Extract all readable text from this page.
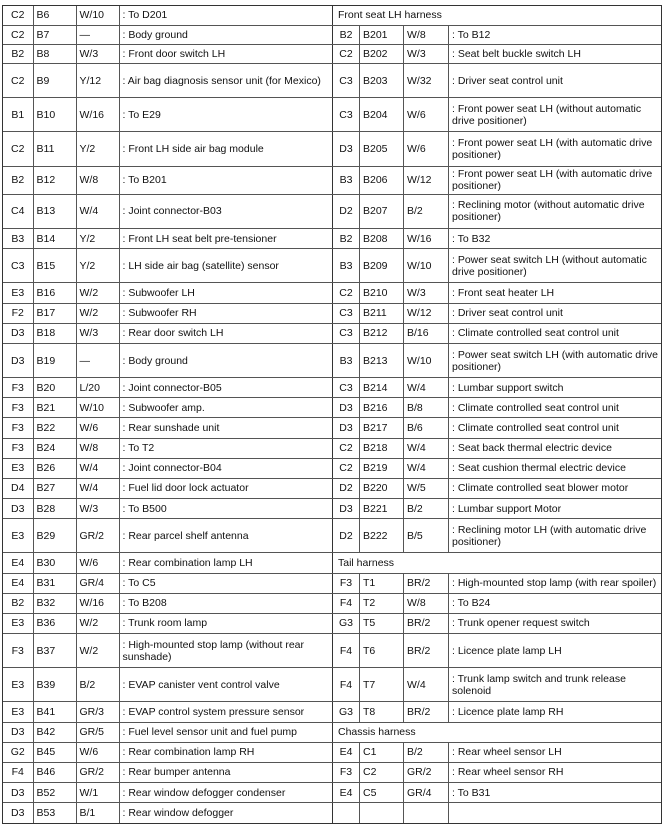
C2	B6	W/10	: To D201
C2	B7	—	: Body ground
B2	B8	W/3	: Front door switch LH
C2	B9	Y/12	: Air bag diagnosis sensor unit (for Mexico)
B1	B10	W/16	: To E29
C2	B11	Y/2	: Front LH side air bag module
B2	B12	W/8	: To B201
C4	B13	W/4	: Joint connector-B03
B3	B14	Y/2	: Front LH seat belt pre-tensioner
C3	B15	Y/2	: LH side air bag (satellite) sensor
E3	B16	W/2	: Subwoofer LH
F2	B17	W/2	: Subwoofer RH
D3	B18	W/3	: Rear door switch LH
D3	B19	—	: Body ground
F3	B20	L/20	: Joint connector-B05
F3	B21	W/10	: Subwoofer amp.
F3	B22	W/6	: Rear sunshade unit
F3	B24	W/8	: To T2
E3	B26	W/4	: Joint connector-B04
D4	B27	W/4	: Fuel lid door lock actuator
D3	B28	W/3	: To B500
E3	B29	GR/2	: Rear parcel shelf antenna
E4	B30	W/6	: Rear combination lamp LH
E4	B31	GR/4	: To C5
B2	B32	W/16	: To B208
E3	B36	W/2	: Trunk room lamp
F3	B37	W/2	: High-mounted stop lamp (without rear sunshade)
E3	B39	B/2	: EVAP canister vent control valve
E3	B41	GR/3	: EVAP control system pressure sensor
D3	B42	GR/5	: Fuel level sensor unit and fuel pump
G2	B45	W/6	: Rear combination lamp RH
F4	B46	GR/2	: Rear bumper antenna
D3	B52	W/1	: Rear window defogger condenser
D3	B53	B/1	: Rear window defogger
Front seat LH harness			
B2	B201	W/8	: To B12
C2	B202	W/3	: Seat belt buckle switch LH
C3	B203	W/32	: Driver seat control unit
C3	B204	W/6	: Front power seat LH (without automatic drive positioner)
D3	B205	W/6	: Front power seat LH (with automatic drive positioner)
B3	B206	W/12	: Front power seat LH (with automatic drive positioner)
D2	B207	B/2	: Reclining motor (without automatic drive positioner)
B2	B208	W/16	: To B32
B3	B209	W/10	: Power seat switch LH (without automatic drive positioner)
C2	B210	W/3	: Front seat heater LH
C3	B211	W/12	: Driver seat control unit
C3	B212	B/16	: Climate controlled seat control unit
B3	B213	W/10	: Power seat switch LH (with automatic drive positioner)
C3	B214	W/4	: Lumbar support switch
D3	B216	B/8	: Climate controlled seat control unit
D3	B217	B/6	: Climate controlled seat control unit
C2	B218	W/4	: Seat back thermal electric device
C2	B219	W/4	: Seat cushion thermal electric device
D2	B220	W/5	: Climate controlled seat blower motor
D3	B221	B/2	: Lumbar support Motor
D2	B222	B/5	: Reclining motor LH (with automatic drive positioner)
Tail harness			
F3	T1	BR/2	: High-mounted stop lamp (with rear spoiler)
F4	T2	W/8	: To B24
G3	T5	BR/2	: Trunk opener request switch
F4	T6	BR/2	: Licence plate lamp LH
F4	T7	W/4	: Trunk lamp switch and trunk release solenoid
G3	T8	BR/2	: Licence plate lamp RH
Chassis harness			
E4	C1	B/2	: Rear wheel sensor LH
F3	C2	GR/2	: Rear wheel sensor RH
E4	C5	GR/4	: To B31
